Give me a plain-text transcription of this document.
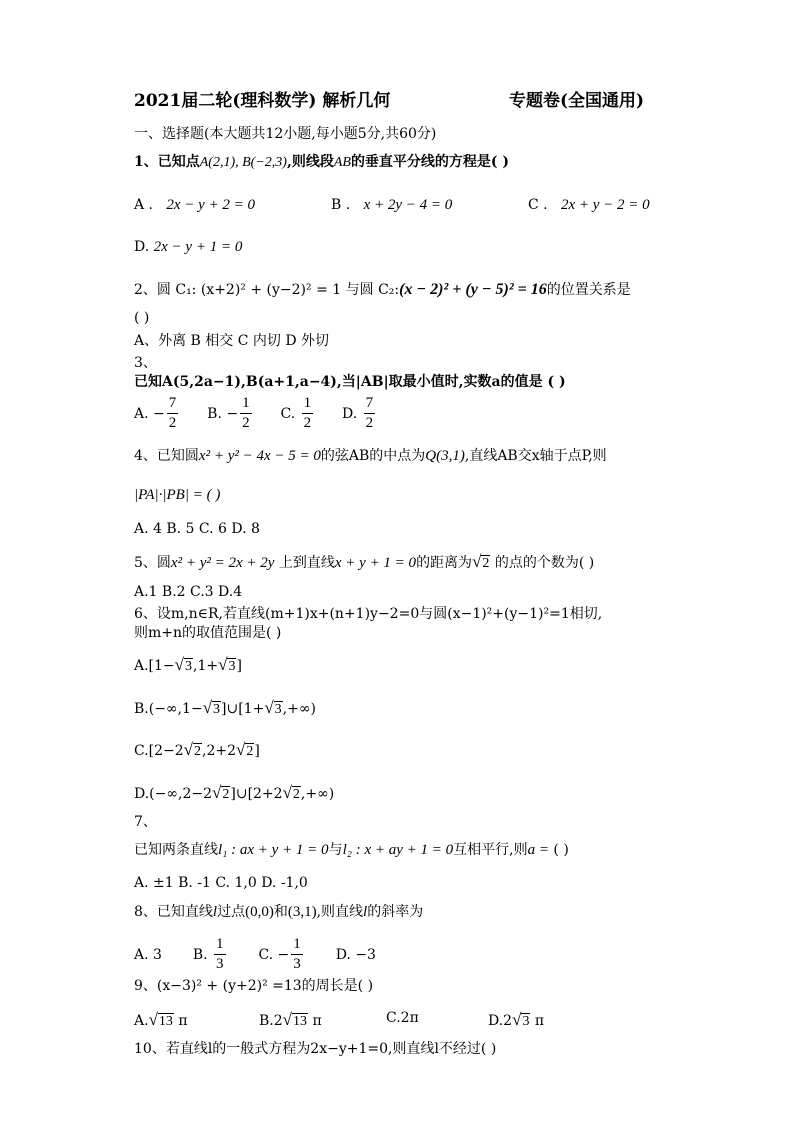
2021届二轮(理科数学) 解析几何	专题卷(全国通用)
一、选择题(本大题共12小题,每小题5分,共60分)
1、已知点A(2,1), B(−2,3),则线段AB的垂直平分线的方程是( )
A . 2x − y + 2 = 0	B . x + 2y − 4 = 0	C . 2x + y − 2 = 0
D. 2x − y + 1 = 0
2、圆 C₁: (x+2)² + (y−2)² = 1 与圆 C₂:(x − 2)² + (y − 5)² = 16的位置关系是
( )
A、外离 B 相交 C 内切 D 外切
3、
已知A(5,2a−1),B(a+1,a−4),当|AB|取最小值时,实数a的值是 ( )
A. − $\frac{7}{2} B$. − $\frac{1}{2} C$. $\frac{1}{2} D$. $\frac{7}{2}$
4、已知圆x² + y² − 4x − 5 = 0的弦AB的中点为Q(3,1),直线AB交x轴于点P,则
|PA|·|PB| = ( )
A. 4 B. 5 C. 6 D. 8
5、圆x² + y² = 2x + 2y 上到直线x + y + 1 = 0的距离为√2 的点的个数为( )
A.1 B.2 C.3 D.4
6、设m,n∈R,若直线(m+1)x+(n+1)y−2=0与圆(x−1)²+(y−1)²=1相切,
则m+n的取值范围是( )
A.[1−√3,1+√3]
B.(−∞,1−√3]∪[1+√3,+∞)
C.[2−2√2,2+2√2]
D.(−∞,2−2√2]∪[2+2√2,+∞)
7、
已知两条直线l₁ : ax + y + 1 = 0与l₂ : x + ay + 1 = 0互相平行,则a = ( )
A. ±1 B. -1 C. 1,0 D. -1,0
8、已知直线l过点(0,0)和(3,1),则直线l的斜率为
A. 3 B. $\frac{1}{3} C$. − $\frac{1}{3} D$. −3
9、(x−3)² + (y+2)² =13的周长是( )
A.√13 π	B.2√13 π	C.2π	D.2√3 π
10、若直线l的一般式方程为2x−y+1=0,则直线l不经过( )
